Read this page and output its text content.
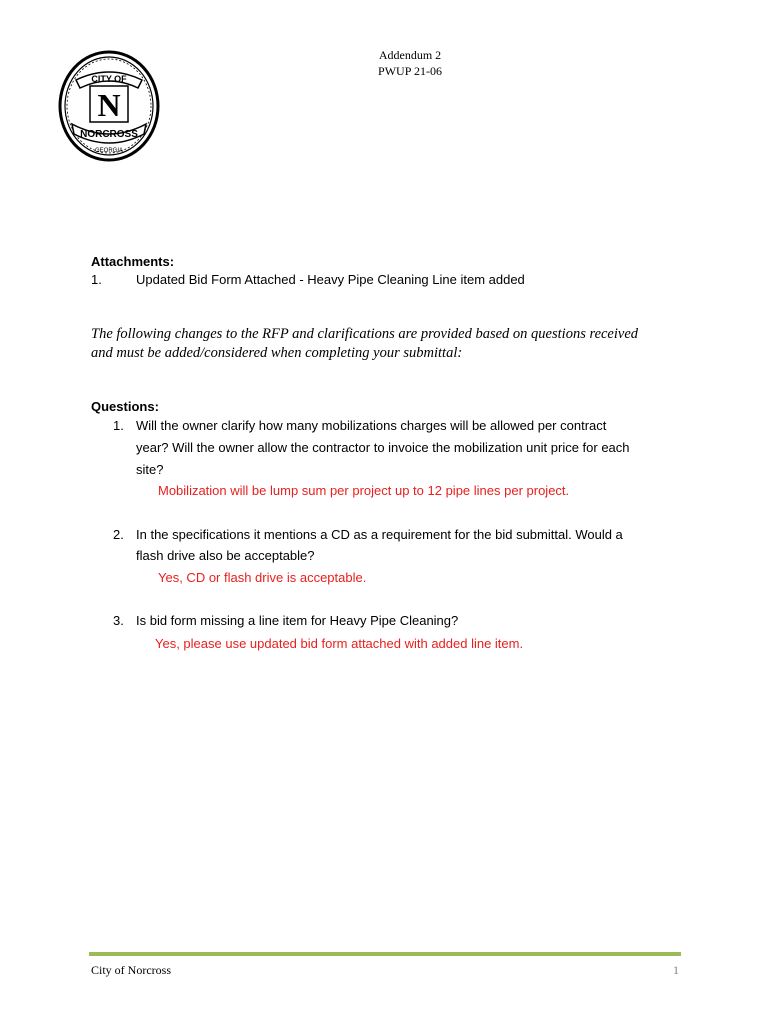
CITY OF
N
NORCROSS
GEORGIA
Addendum 2
PWUP 21-06
Attachments:
1.	Updated Bid Form Attached - Heavy Pipe Cleaning Line item added
The following changes to the RFP and clarifications are provided based on questions received
and must be added/considered when completing your submittal:
Questions:
1. Will the owner clarify how many mobilizations charges will be allowed per contract
year? Will the owner allow the contractor to invoice the mobilization unit price for each
site?
Mobilization will be lump sum per project up to 12 pipe lines per project.
2. In the specifications it mentions a CD as a requirement for the bid submittal. Would a
flash drive also be acceptable?
Yes, CD or flash drive is acceptable.
3. Is bid form missing a line item for Heavy Pipe Cleaning?
Yes, please use updated bid form attached with added line item.
City of Norcross	1
